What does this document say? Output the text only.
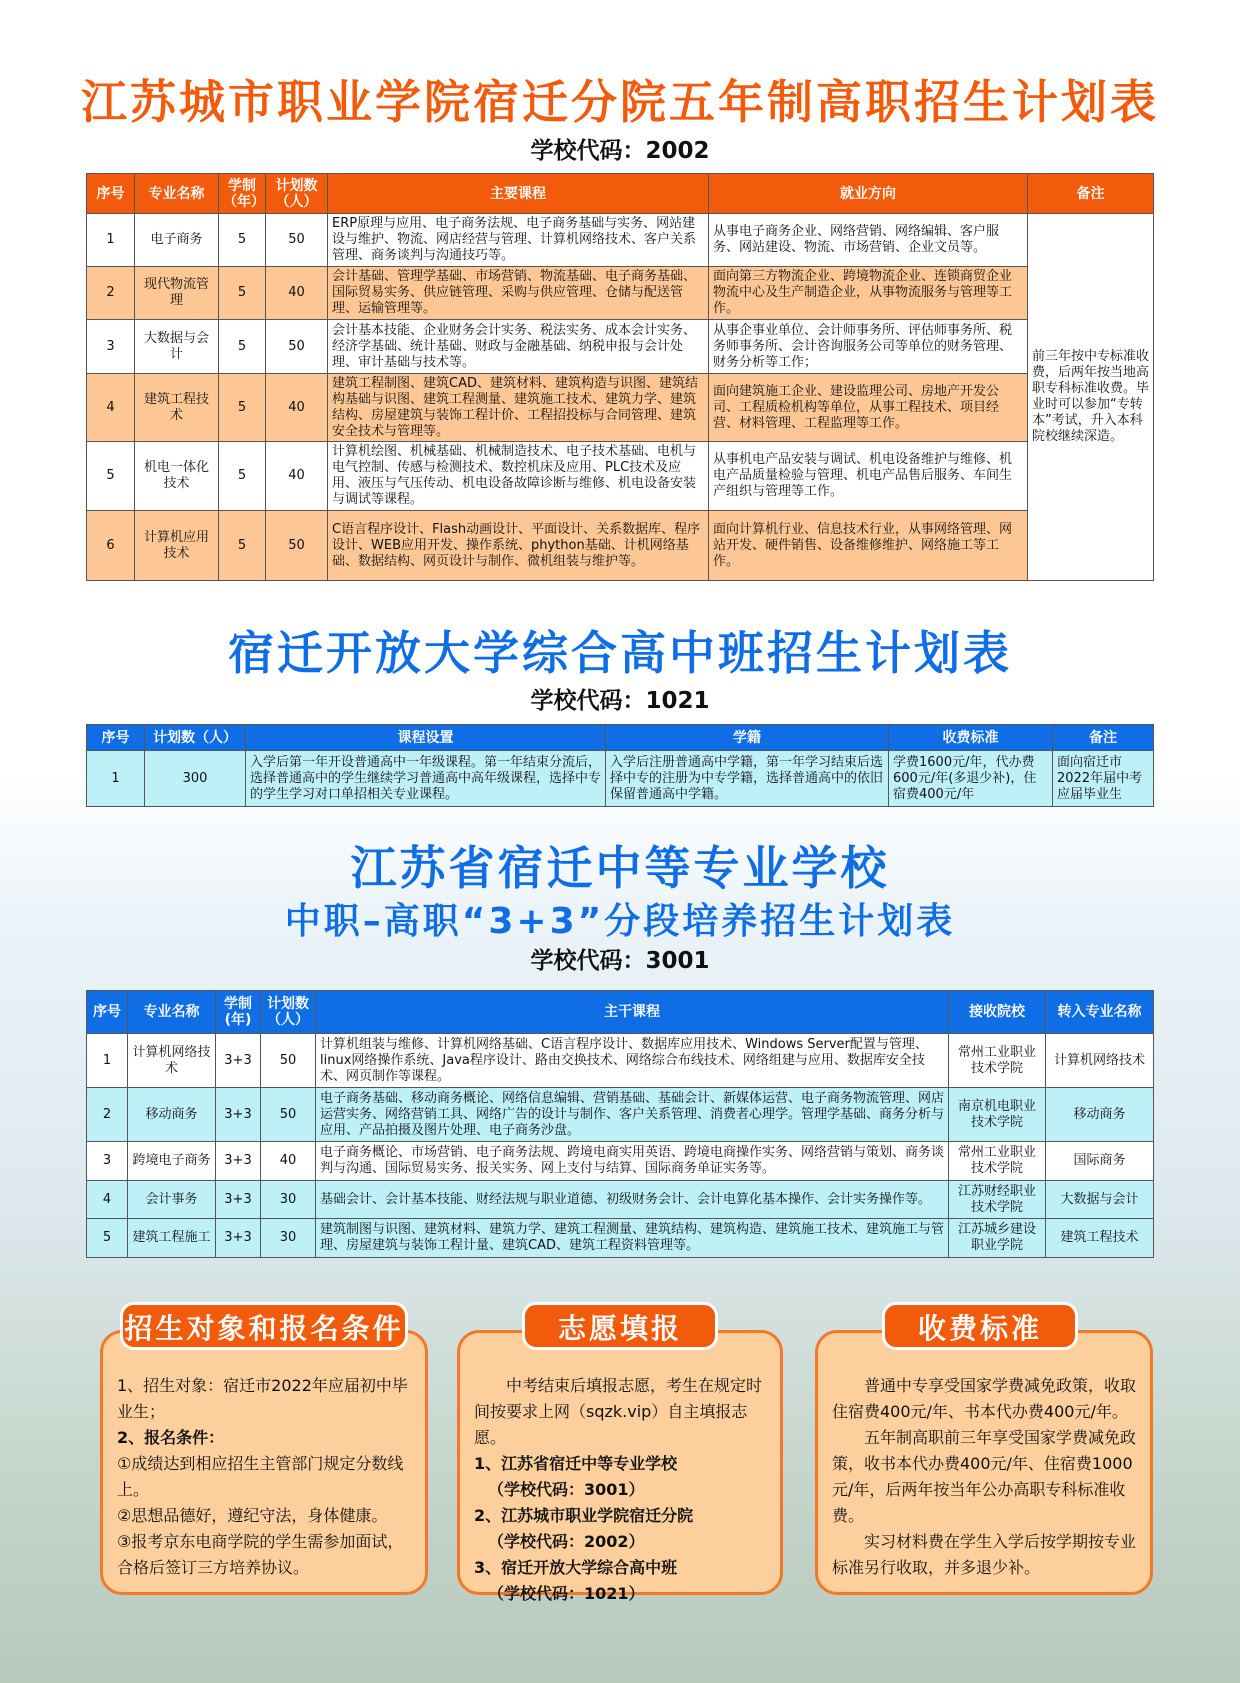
江苏城市职业学院宿迁分院五年制高职招生计划表
学校代码：2002
序号	专业名称	学制（年）	计划数（人）	主要课程	就业方向	备注
1	电子商务	5	50	ERP原理与应用、电子商务法规、电子商务基础与实务、网站建设与维护、物流、网店经营与管理、计算机网络技术、客户关系管理、商务谈判与沟通技巧等。	从事电子商务企业、网络营销、网络编辑、客户服务、网站建设、物流、市场营销、企业文员等。	前三年按中专标准收费，后两年按当地高职专科标准收费。毕业时可以参加“专转本”考试，升入本科院校继续深造。
2	现代物流管理	5	40	会计基础、管理学基础、市场营销、物流基础、电子商务基础、国际贸易实务、供应链管理、采购与供应管理、仓储与配送管理、运输管理等。	面向第三方物流企业、跨境物流企业、连锁商贸企业物流中心及生产制造企业，从事物流服务与管理等工作。	
3	大数据与会计	5	50	会计基本技能、企业财务会计实务、税法实务、成本会计实务、经济学基础、统计基础、财政与金融基础、纳税申报与会计处理、审计基础与技术等。	从事企事业单位、会计师事务所、评估师事务所、税务师事务所、会计咨询服务公司等单位的财务管理、财务分析等工作；	
4	建筑工程技术	5	40	建筑工程制图、建筑CAD、建筑材料、建筑构造与识图、建筑结构基础与识图、建筑工程测量、建筑施工技术、建筑力学、建筑结构、房屋建筑与装饰工程计价、工程招投标与合同管理、建筑安全技术与管理等。	面向建筑施工企业、建设监理公司、房地产开发公司、工程质检机构等单位，从事工程技术、项目经营、材料管理、工程监理等工作。	
5	机电一体化技术	5	40	计算机绘图、机械基础、机械制造技术、电子技术基础、电机与电气控制、传感与检测技术、数控机床及应用、PLC技术及应用、液压与气压传动、机电设备故障诊断与维修、机电设备安装与调试等课程。	从事机电产品安装与调试、机电设备维护与维修、机电产品质量检验与管理、机电产品售后服务、车间生产组织与管理等工作。	
6	计算机应用技术	5	50	C语言程序设计、Flash动画设计、平面设计、关系数据库、程序设计、WEB应用开发、操作系统、phython基础、计机网络基础、数据结构、网页设计与制作、微机组装与维护等。	面向计算机行业、信息技术行业，从事网络管理、网站开发、硬件销售、设备维修维护、网络施工等工作。	
宿迁开放大学综合高中班招生计划表
学校代码：1021
序号	计划数（人）	课程设置	学籍	收费标准	备注
1	300	入学后第一年开设普通高中一年级课程。第一年结束分流后，选择普通高中的学生继续学习普通高中高年级课程，选择中专的学生学习对口单招相关专业课程。	入学后注册普通高中学籍，第一年学习结束后选择中专的注册为中专学籍，选择普通高中的依旧保留普通高中学籍。	学费1600元/年，代办费600元/年(多退少补)，住宿费400元/年	面向宿迁市2022年届中考应届毕业生
江苏省宿迁中等专业学校
中职–高职“3+3”分段培养招生计划表
学校代码：3001
序号	专业名称	学制(年)	计划数（人）	主干课程	接收院校	转入专业名称
1	计算机网络技术	3+3	50	计算机组装与维修、计算机网络基础、C语言程序设计、数据库应用技术、Windows Server配置与管理、linux网络操作系统、Java程序设计、路由交换技术、网络综合布线技术、网络组建与应用、数据库安全技术、网页制作等课程。	常州工业职业技术学院	计算机网络技术
2	移动商务	3+3	50	电子商务基础、移动商务概论、网络信息编辑、营销基础、基础会计、新媒体运营、电子商务物流管理、网店运营实务、网络营销工具、网络广告的设计与制作、客户关系管理、消费者心理学。管理学基础、商务分析与应用、产品拍摄及图片处理、电子商务沙盘。	南京机电职业技术学院	移动商务
3	跨境电子商务	3+3	40	电子商务概论、市场营销、电子商务法规、跨境电商实用英语、跨境电商操作实务、网络营销与策划、商务谈判与沟通、国际贸易实务、报关实务、网上支付与结算、国际商务单证实务等。	常州工业职业技术学院	国际商务
4	会计事务	3+3	30	基础会计、会计基本技能、财经法规与职业道德、初级财务会计、会计电算化基本操作、会计实务操作等。	江苏财经职业技术学院	大数据与会计
5	建筑工程施工	3+3	30	建筑制图与识图、建筑材料、建筑力学、建筑工程测量、建筑结构、建筑构造、建筑施工技术、建筑施工与管理、房屋建筑与装饰工程计量、建筑CAD、建筑工程资料管理等。	江苏城乡建设职业学院	建筑工程技术

1、招生对象：宿迁市2022年应届初中毕业生；

2、报名条件：

①成绩达到相应招生主管部门规定分数线上。

②思想品德好，遵纪守法，身体健康。

③报考京东电商学院的学生需参加面试，合格后签订三方培养协议。

招生对象和报名条件

中考结束后填报志愿，考生在规定时间按要求上网（sqzk.vip）自主填报志愿。

1、江苏省宿迁中等专业学校

（学校代码：3001）

2、江苏城市职业学院宿迁分院

（学校代码：2002）

3、宿迁开放大学综合高中班

（学校代码：1021）

志愿填报

普通中专享受国家学费减免政策，收取住宿费400元/年、书本代办费400元/年。

五年制高职前三年享受国家学费减免政策，收书本代办费400元/年、住宿费1000元/年，后两年按当年公办高职专科标准收费。

实习材料费在学生入学后按学期按专业标准另行收取，并多退少补。

收费标准
